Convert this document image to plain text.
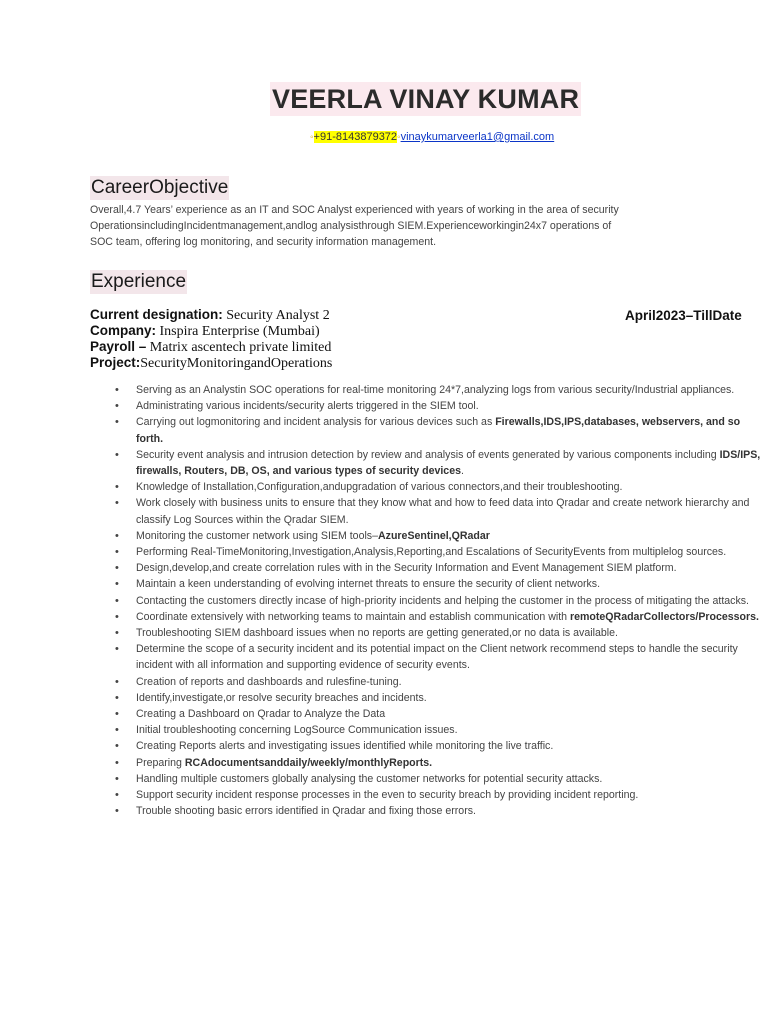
VEERLA VINAY KUMAR
◦+91-8143879372◦vinaykumarveerla1@gmail.com
CareerObjective
Overall,4.7 Years’ experience as an IT and SOC Analyst experienced with years of working in the area of security
OperationsincludingIncidentmanagement,andlog analysisthrough SIEM.Experienceworkingin24x7 operations of
SOC team, offering log monitoring, and security information management.
Experience
Current designation: Security Analyst 2
Company: Inspira Enterprise (Mumbai)
Payroll – Matrix ascentech private limited
Project:SecurityMonitoringandOperations
April2023–TillDate
• Serving as an Analystin SOC operations for real-time monitoring 24*7,analyzing logs from various security/Industrial appliances.
• Administrating various incidents/security alerts triggered in the SIEM tool.
• Carrying out logmonitoring and incident analysis for various devices such as Firewalls,IDS,IPS,databases, webservers, and so forth.
• Security event analysis and intrusion detection by review and analysis of events generated by various components including IDS/IPS, firewalls, Routers, DB, OS, and various types of security devices.
• Knowledge of Installation,Configuration,andupgradation of various connectors,and their troubleshooting.
• Work closely with business units to ensure that they know what and how to feed data into Qradar and create network hierarchy and classify Log Sources within the Qradar SIEM.
• Monitoring the customer network using SIEM tools–AzureSentinel,QRadar
• Performing Real-TimeMonitoring,Investigation,Analysis,Reporting,and Escalations of SecurityEvents from multiplelog sources.
• Design,develop,and create correlation rules with in the Security Information and Event Management SIEM platform.
• Maintain a keen understanding of evolving internet threats to ensure the security of client networks.
• Contacting the customers directly incase of high-priority incidents and helping the customer in the process of mitigating the attacks.
• Coordinate extensively with networking teams to maintain and establish communication with remoteQRadarCollectors/Processors.
• Troubleshooting SIEM dashboard issues when no reports are getting generated,or no data is available.
• Determine the scope of a security incident and its potential impact on the Client network recommend steps to handle the security incident with all information and supporting evidence of security events.
• Creation of reports and dashboards and rulesfine-tuning.
• Identify,investigate,or resolve security breaches and incidents.
• Creating a Dashboard on Qradar to Analyze the Data
• Initial troubleshooting concerning LogSource Communication issues.
• Creating Reports alerts and investigating issues identified while monitoring the live traffic.
• Preparing RCAdocumentsanddaily/weekly/monthlyReports.
• Handling multiple customers globally analysing the customer networks for potential security attacks.
• Support security incident response processes in the even to security breach by providing incident reporting.
• Trouble shooting basic errors identified in Qradar and fixing those errors.
